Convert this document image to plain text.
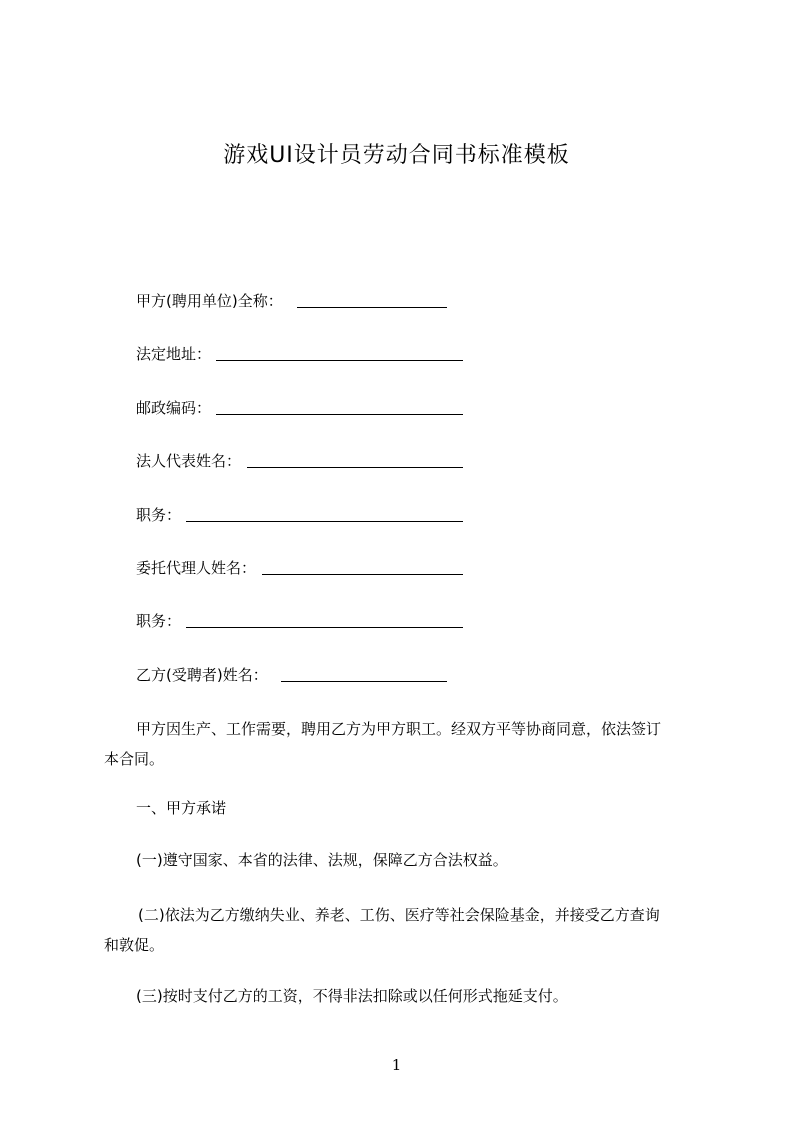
游戏UI设计员劳动合同书标准模板
甲方(聘用单位)全称：
法定地址：
邮政编码：
法人代表姓名：
职务：
委托代理人姓名：
职务：
乙方(受聘者)姓名：
甲方因生产、工作需要，聘用乙方为甲方职工。经双方平等协商同意，依法签订
本合同。
一、甲方承诺
(一)遵守国家、本省的法律、法规，保障乙方合法权益。
(二)依法为乙方缴纳失业、养老、工伤、医疗等社会保险基金，并接受乙方查询
和敦促。
(三)按时支付乙方的工资，不得非法扣除或以任何形式拖延支付。
1
